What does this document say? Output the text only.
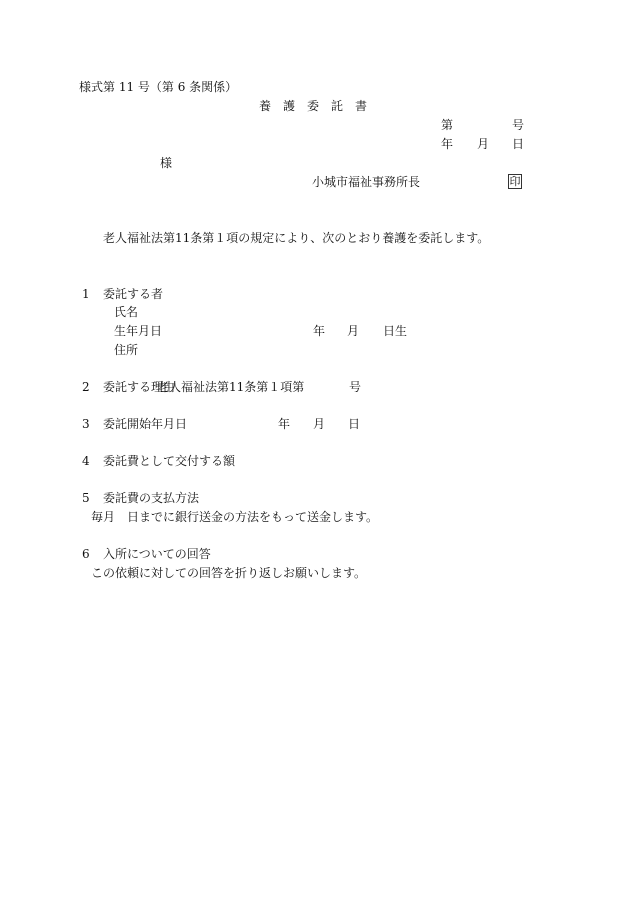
様式第 11 号（第 6 条関係）
養　護　委　託　書
第	号
年 月 日
様
小城市福祉事務所長	印
老人福祉法第11条第１項の規定により、次のとおり養護を委託します。
1 委託する者
氏名
生年月日	年 月 日生
住所
2 委託する理由
老人福祉法第11条第１項第	号
3 委託開始年月日	年 月 日
4 委託費として交付する額
5 委託費の支払方法
毎月 日までに銀行送金の方法をもって送金します。
6 入所についての回答
この依頼に対しての回答を折り返しお願いします。
